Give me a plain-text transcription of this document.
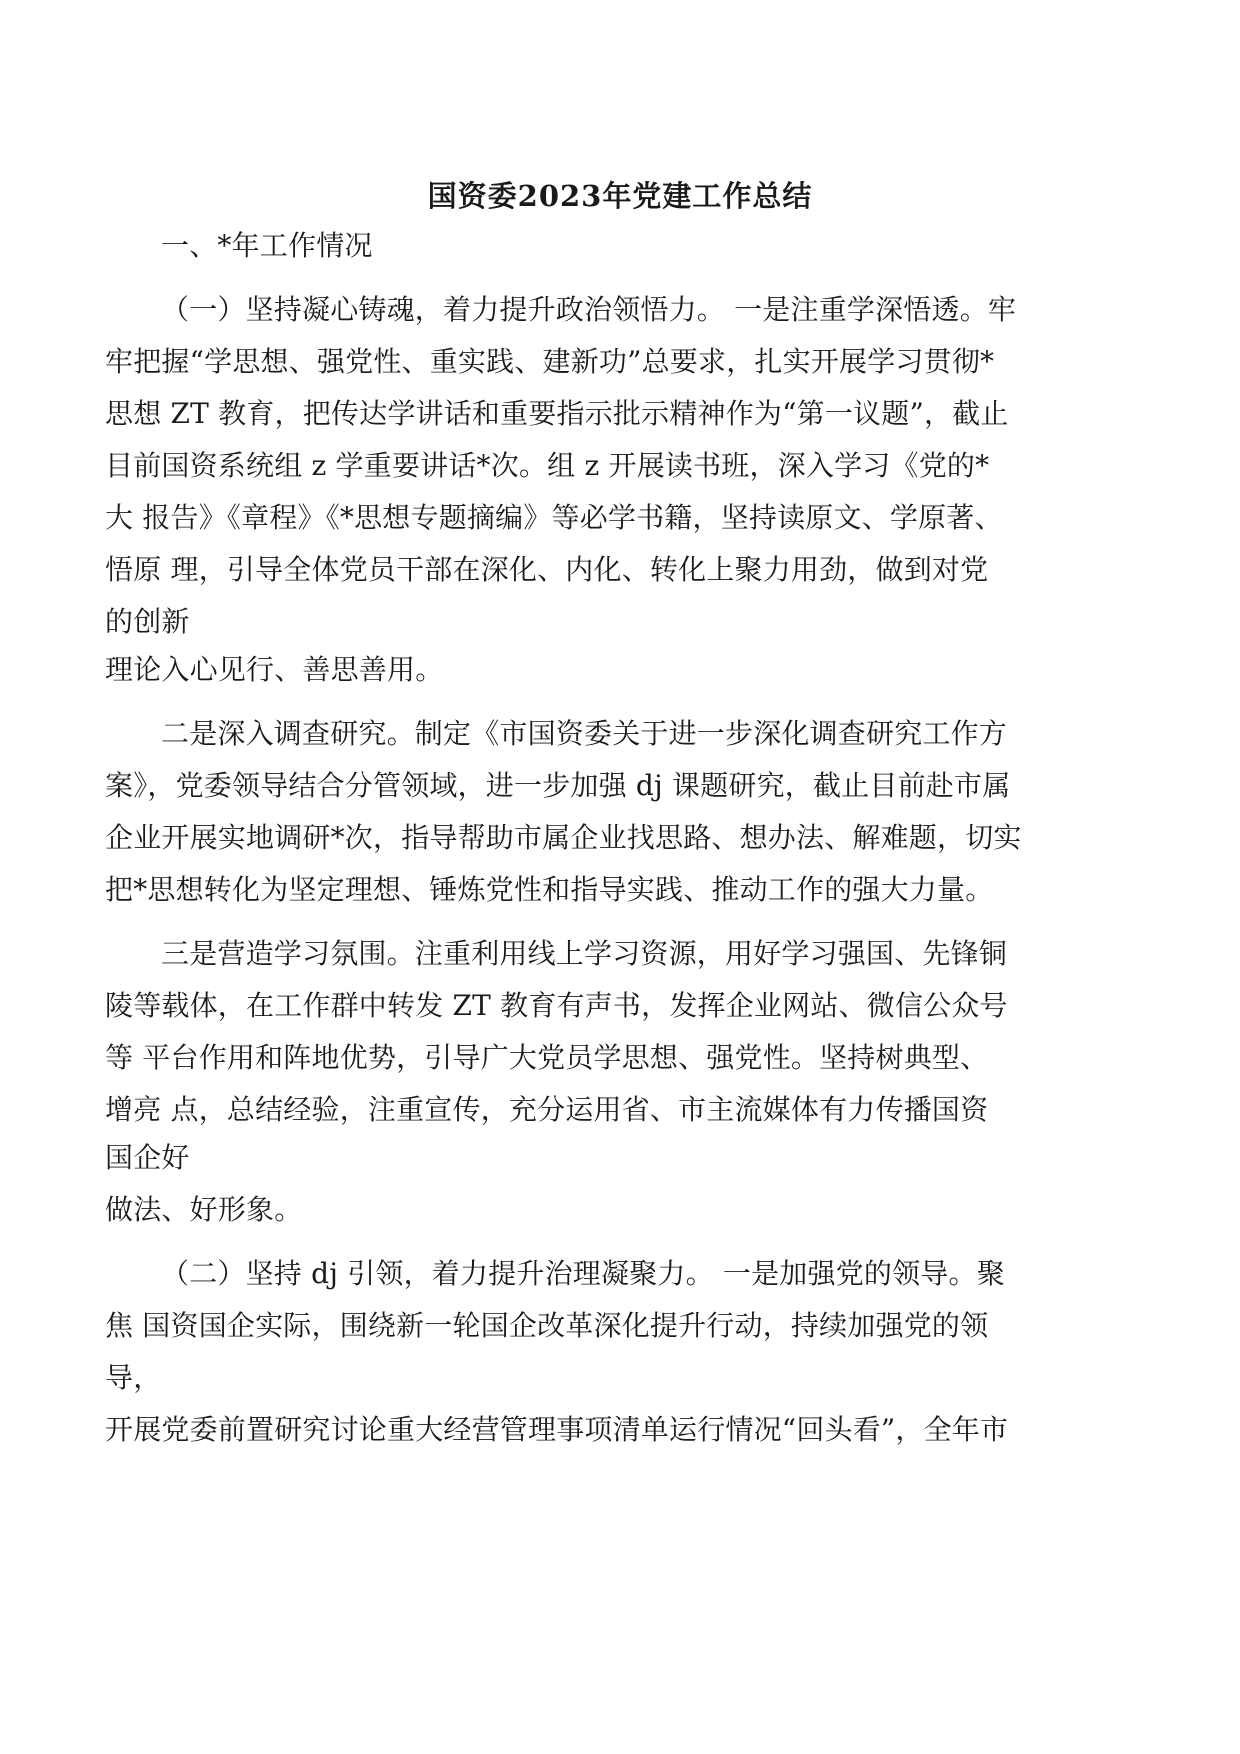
国资委2023年党建工作总结
一、*年工作情况
（一）坚持凝心铸魂，着力提升政治领悟力。 一是注重学深悟透。牢
牢把握“学思想、强党性、重实践、建新功”总要求，扎实开展学习贯彻*
思想 ZT 教育，把传达学讲话和重要指示批示精神作为“第一议题”，截止
目前国资系统组 z 学重要讲话*次。组 z 开展读书班，深入学习《党的*
大 报告》《章程》《*思想专题摘编》等必学书籍，坚持读原文、学原著、
悟原 理，引导全体党员干部在深化、内化、转化上聚力用劲，做到对党
的创新
理论入心见行、善思善用。
二是深入调查研究。制定《市国资委关于进一步深化调查研究工作方
案》，党委领导结合分管领域，进一步加强 dj 课题研究，截止目前赴市属
企业开展实地调研*次，指导帮助市属企业找思路、想办法、解难题，切实
把*思想转化为坚定理想、锤炼党性和指导实践、推动工作的强大力量。
三是营造学习氛围。注重利用线上学习资源，用好学习强国、先锋铜
陵等载体，在工作群中转发 ZT 教育有声书，发挥企业网站、微信公众号
等 平台作用和阵地优势，引导广大党员学思想、强党性。坚持树典型、
增亮 点，总结经验，注重宣传，充分运用省、市主流媒体有力传播国资
国企好
做法、好形象。
（二）坚持 dj 引领，着力提升治理凝聚力。 一是加强党的领导。聚
焦 国资国企实际，围绕新一轮国企改革深化提升行动，持续加强党的领
导，
开展党委前置研究讨论重大经营管理事项清单运行情况“回头看”，全年市
